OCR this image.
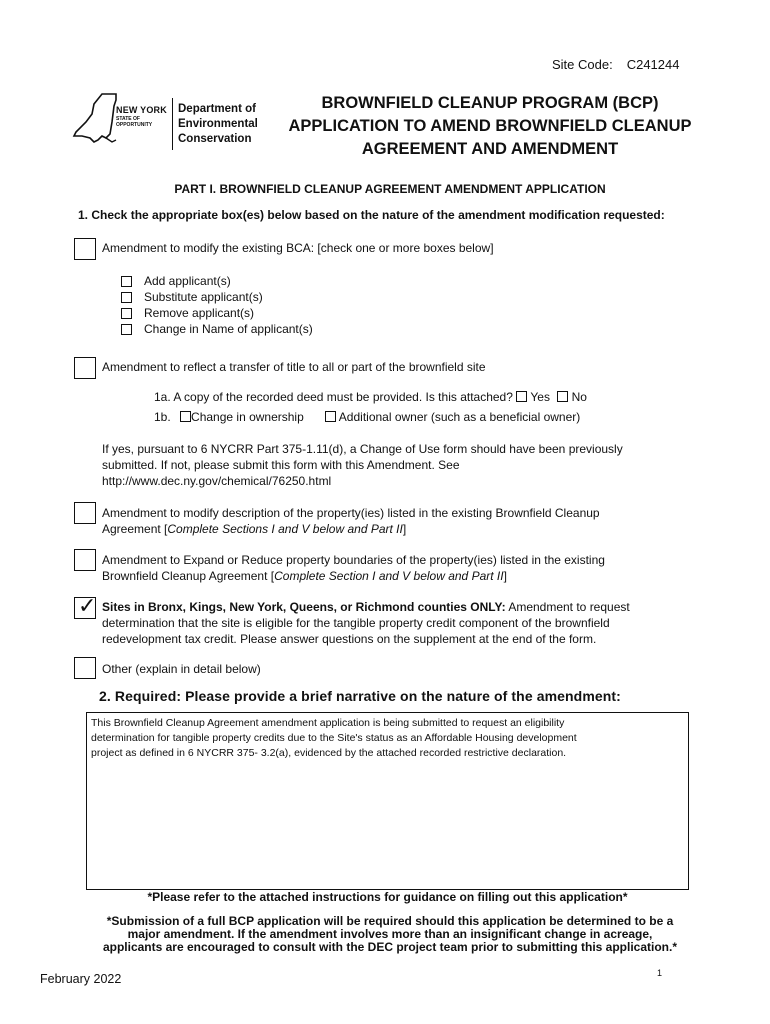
Site Code: C241244
NEW YORK
STATE OF
OPPORTUNITY
Department of
Environmental
Conservation
BROWNFIELD CLEANUP PROGRAM (BCP)
APPLICATION TO AMEND BROWNFIELD CLEANUP
AGREEMENT AND AMENDMENT
PART I. BROWNFIELD CLEANUP AGREEMENT AMENDMENT APPLICATION
1. Check the appropriate box(es) below based on the nature of the amendment modification requested:
Amendment to modify the existing BCA: [check one or more boxes below]
Add applicant(s)
Substitute applicant(s)
Remove applicant(s)
Change in Name of applicant(s)
Amendment to reflect a transfer of title to all or part of the brownfield site
1a. A copy of the recorded deed must be provided. Is this attached? Yes No
1b. Change in ownership	Additional owner (such as a beneficial owner)
If yes, pursuant to 6 NYCRR Part 375-1.11(d), a Change of Use form should have been previously
submitted. If not, please submit this form with this Amendment. See
http://www.dec.ny.gov/chemical/76250.html
Amendment to modify description of the property(ies) listed in the existing Brownfield Cleanup
Agreement [Complete Sections I and V below and Part II]
Amendment to Expand or Reduce property boundaries of the property(ies) listed in the existing
Brownfield Cleanup Agreement [Complete Section I and V below and Part II]
✓ Sites in Bronx, Kings, New York, Queens, or Richmond counties ONLY: Amendment to request
determination that the site is eligible for the tangible property credit component of the brownfield
redevelopment tax credit. Please answer questions on the supplement at the end of the form.
Other (explain in detail below)
2. Required: Please provide a brief narrative on the nature of the amendment:
This Brownfield Cleanup Agreement amendment application is being submitted to request an eligibility
determination for tangible property credits due to the Site's status as an Affordable Housing development
project as defined in 6 NYCRR 375- 3.2(a), evidenced by the attached recorded restrictive declaration.
*Please refer to the attached instructions for guidance on filling out this application*
*Submission of a full BCP application will be required should this application be determined to be a
major amendment. If the amendment involves more than an insignificant change in acreage,
applicants are encouraged to consult with the DEC project team prior to submitting this application.*
February 2022	1
